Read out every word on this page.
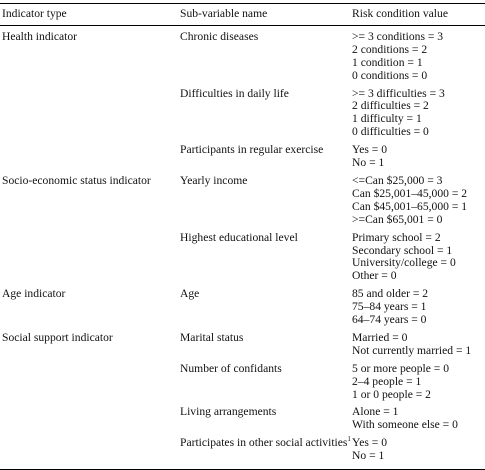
Indicator type	Sub-variable name	Risk condition value
Health indicator	Chronic diseases	>= 3 conditions = 3
2 conditions = 2
1 condition = 1
0 conditions = 0

	Difficulties in daily life	>= 3 difficulties = 3
2 difficulties = 2
1 difficulty = 1
0 difficulties = 0

	Participants in regular exercise	Yes = 0
No = 1

Socio-economic status indicator	Yearly income	<=Can $25,000 = 3
Can $25,001–45,000 = 2
Can $45,001–65,000 = 1
>=Can $65,001 = 0

	Highest educational level	Primary school = 2
Secondary school = 1
University/college = 0
Other = 0

Age indicator	Age	85 and older = 2
75–84 years = 1
64–74 years = 0

Social support indicator	Marital status	Married = 0
Not currently married = 1

	Number of confidants	5 or more people = 0
2–4 people = 1
1 or 0 people = 2

	Living arrangements	Alone = 1
With someone else = 0

	Participates in other social activities$^1$	Yes = 0
No = 1
